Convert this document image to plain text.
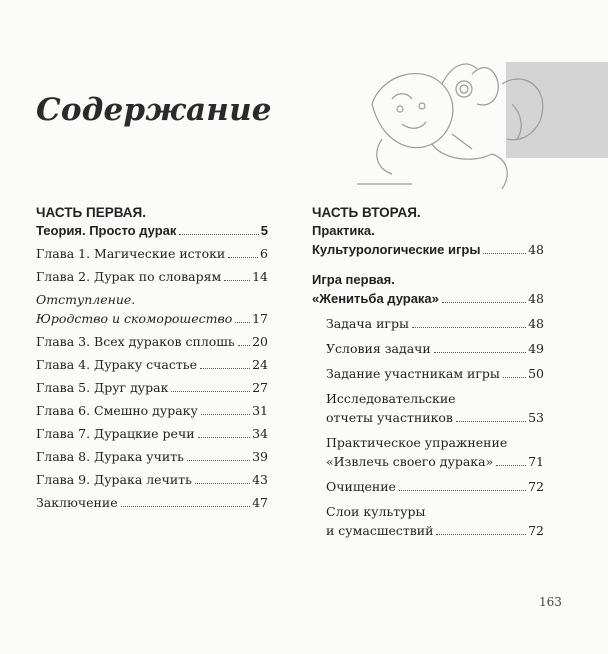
Содержание
ЧАСТЬ ПЕРВАЯ.
Теория. Просто дурак	5
Глава 1. Магические истоки	6
Глава 2. Дурак по словарям 14
Отступление.
Юродство и скоморошество 17
Глава 3. Всех дураков сплошь 20
Глава 4. Дураку счастье	24
Глава 5. Друг дурак	27
Глава 6. Смешно дураку	31
Глава 7. Дурацкие речи	34
Глава 8. Дурака учить	39
Глава 9. Дурака лечить	43
Заключение	47
ЧАСТЬ ВТОРАЯ.
Практика.
Культурологические игры	48
Игра первая.
«Женитьба дурака»	48
Задача игры	48
Условия задачи	49
Задание участникам игры 50
Исследовательские
отчеты участников	53
Практическое упражнение
«Извлечь своего дурака»	71
Очищение	72
Слои культуры
и сумасшествий	72
163
